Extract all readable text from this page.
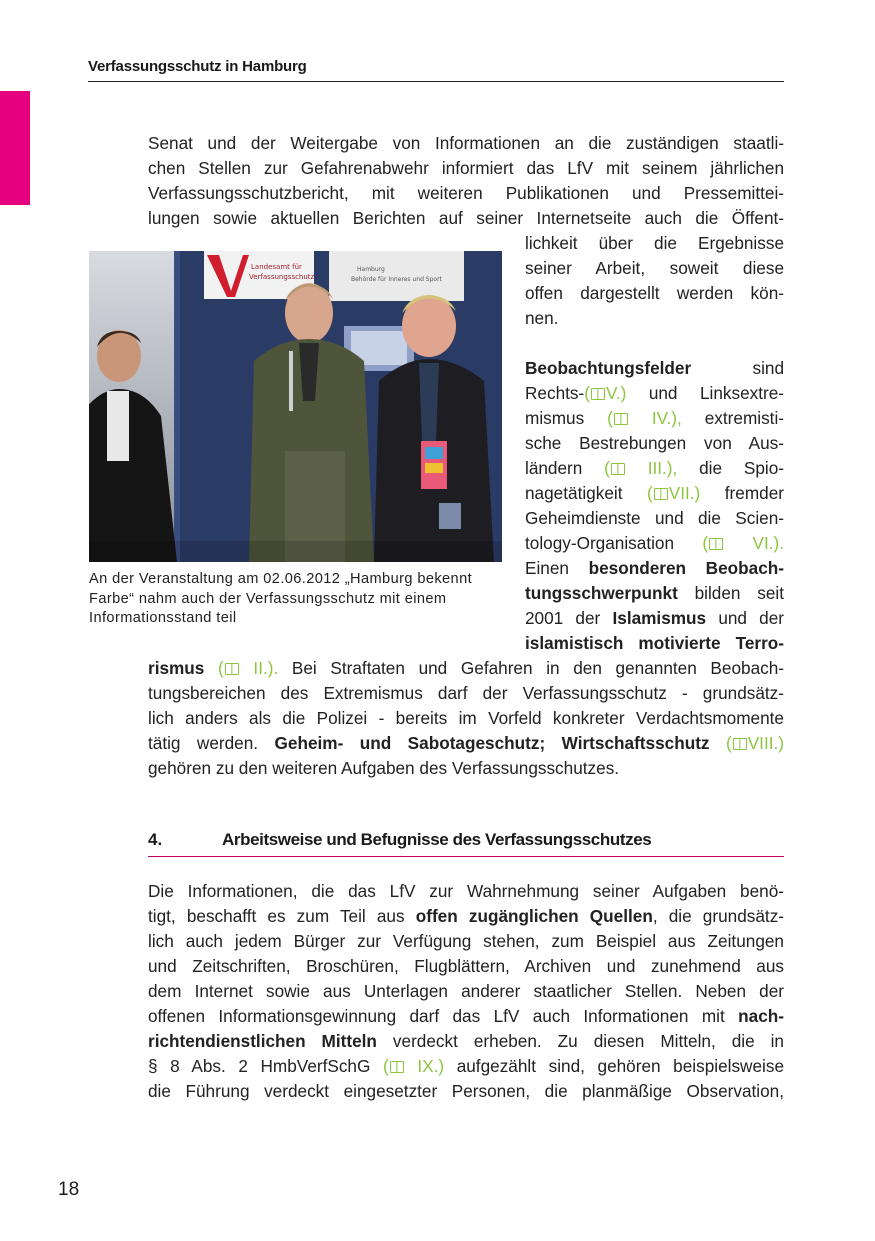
Verfassungsschutz in Hamburg
Senat und der Weitergabe von Informationen an die zuständigen staatli-
chen Stellen zur Gefahrenabwehr informiert das LfV mit seinem jährlichen
Verfassungsschutzbericht, mit weiteren Publikationen und Pressemittei-
lungen sowie aktuellen Berichten auf seiner Internetseite auch die Öffent-
lichkeit über die Ergebnisse
seiner Arbeit, soweit diese
offen dargestellt werden kön-
nen.
Landesamt für
Verfassungsschutz
Hamburg
Behörde für Inneres und Sport
An der Veranstaltung am 02.06.2012 „Hamburg bekennt Farbe“ nahm auch der Verfassungsschutz mit einem Informationsstand teil
Beobachtungsfelder	sind
Rechts-( V.) und Linksextre-
mismus ( IV.), extremisti-
sche Bestrebungen von Aus-
ländern ( III.), die Spio-
nagetätigkeit ( VII.) fremder
Geheimdienste und die Scien-
tology-Organisation (	VI.).
Einen besonderen Beobach-
tungsschwerpunkt bilden seit
2001 der Islamismus und der
islamistisch motivierte Terro-
rismus ( II.). Bei Straftaten und Gefahren in den genannten Beobach-
tungsbereichen des Extremismus darf der Verfassungsschutz - grundsätz-
lich anders als die Polizei - bereits im Vorfeld konkreter Verdachtsmomente
tätig werden. Geheim- und Sabotageschutz; Wirtschaftsschutz ( VIII.)
gehören zu den weiteren Aufgaben des Verfassungsschutzes.
4.	Arbeitsweise und Befugnisse des Verfassungsschutzes
Die Informationen, die das LfV zur Wahrnehmung seiner Aufgaben benö-
tigt, beschafft es zum Teil aus offen zugänglichen Quellen, die grundsätz-
lich auch jedem Bürger zur Verfügung stehen, zum Beispiel aus Zeitungen
und Zeitschriften, Broschüren, Flugblättern, Archiven und zunehmend aus
dem Internet sowie aus Unterlagen anderer staatlicher Stellen. Neben der
offenen Informationsgewinnung darf das LfV auch Informationen mit nach-
richtendienstlichen Mitteln verdeckt erheben. Zu diesen Mitteln, die in
§ 8 Abs. 2 HmbVerfSchG ( IX.) aufgezählt sind, gehören beispielsweise
die Führung verdeckt eingesetzter Personen, die planmäßige Observation,
18
